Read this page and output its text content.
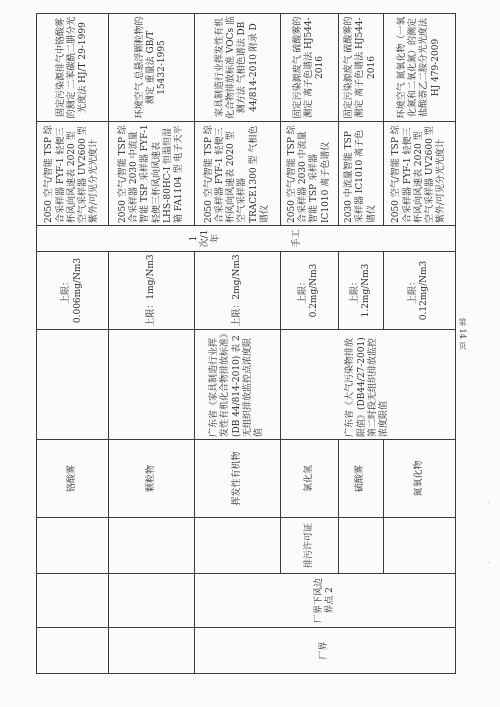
			铬酸雾		上限：0.006mg/Nm3	1 次/1 年 手工	2050 空气/智能 TSP 综合采样器 FYF-1 轻便三杯风向风速表 2020 型 空气采样器 UV2600 型 紫外/可见分光光度计	固定污染源排气中铬酸雾的测定 二苯碳酰二肼分光光度法 HJ/T 29-1999
			颗粒物		上限：1mg/Nm3		2050 空气/智能 TSP 综合采样器 2030 中流量智能 TSP 采样器 FYF-1 轻便三杯风向风速表 LHS-80HC-I 恒温恒湿箱 FA1104 型 电子天平	环境空气 总悬浮颗粒物的测定 重量法 GB/T 15432-1995
厂界	厂界下风边界点 2		挥发性有机物	广东省《家具制造行业挥发性有机化合物排放标准》(DB 44/814-2010) 表 2 无组织排放监控点浓度限值	上限：2mg/Nm3		2050 空气/智能 TSP 综合采样器 FYF-1 轻便三杯风向风速表 2020 型 空气采样器 TRACE1300 型 气相色谱仪	家具制造行业挥发性有机化合物排放标准 VOCs 监测方法 气相色谱法 DB 44/814-2010 附录 D
		排污许可证	氯化氢	广东省《大气污染物排放限值》(DB44/27-2001) 第二时段无组织排放监控浓度限值	上限：0.2mg/Nm3		2050 空气/智能 TSP 综合采样器 2030 中流量智能 TSP 采样器 IC1010 离子色谱仪	固定污染源废气 硫酸雾的测定 离子色谱法 HJ544-2016
			硫酸雾		上限：1.2mg/Nm3		2030 中流量智能 TSP 采样器 IC1010 离子色谱仪	固定污染源废气 硫酸雾的测定 离子色谱法 HJ544-2016
			氮氧化物		上限：0.12mg/Nm3		2050 空气/智能 TSP 综合采样器 FYF-1 轻便三杯风向风速表 2020 型 空气采样器 UV2600 型 紫外/可见分光光度计	环境空气 氮氧化物（一氧化氮和二氧化氮）的测定 盐酸萘乙二胺分光光度法 HJ 479-2009
第 14 页
·
·
